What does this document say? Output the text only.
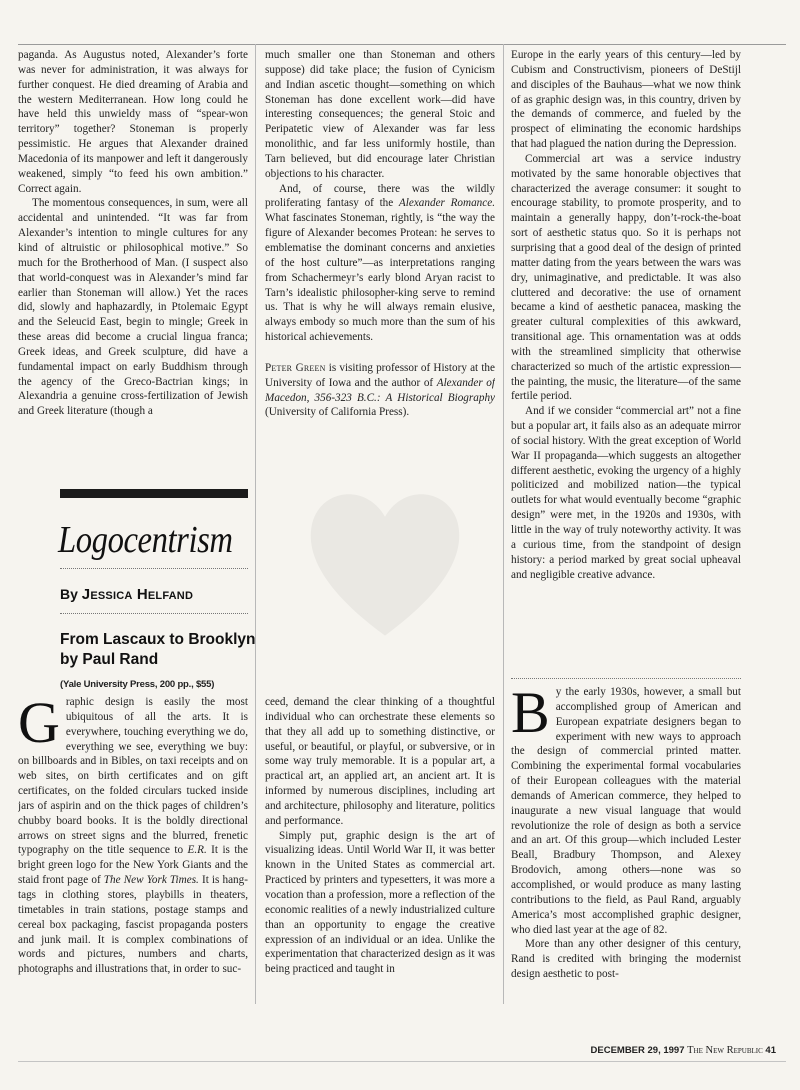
paganda. As Augustus noted, Alexander’s forte was never for administration, it was always for further conquest. He died dreaming of Arabia and the western Mediterranean. How long could he have held this unwieldy mass of “spear-won territory” together? Stoneman is properly pessimistic. He argues that Alexander drained Macedonia of its manpower and left it dangerously weakened, simply “to feed his own ambition.” Correct again.

The momentous consequences, in sum, were all accidental and unintended. “It was far from Alexander’s intention to mingle cultures for any kind of altruistic or philosophical motive.” So much for the Brotherhood of Man. (I suspect also that world-conquest was in Alexander’s mind far earlier than Stoneman will allow.) Yet the races did, slowly and haphazardly, in Ptolemaic Egypt and the Seleucid East, begin to mingle; Greek in these areas did become a crucial lingua franca; Greek ideas, and Greek sculpture, did have a fundamental impact on early Buddhism through the agency of the Greco-Bactrian kings; in Alexandria a genuine cross-fertilization of Jewish and Greek literature (though a

much smaller one than Stoneman and others suppose) did take place; the fusion of Cynicism and Indian ascetic thought—something on which Stoneman has done excellent work—did have interesting consequences; the general Stoic and Peripatetic view of Alexander was far less monolithic, and far less uniformly hostile, than Tarn believed, but did encourage later Christian objections to his character.

And, of course, there was the wildly proliferating fantasy of the Alexander Romance. What fascinates Stoneman, rightly, is “the way the figure of Alexander becomes Protean: he serves to emblematise the dominant concerns and anxieties of the host culture”—as interpretations ranging from Schachermeyr’s early blond Aryan racist to Tarn’s idealistic philosopher-king serve to remind us. That is why he will always remain elusive, always embody so much more than the sum of his historical achievements.

Peter Green is visiting professor of History at the University of Iowa and the author of Alexander of Macedon, 356-323 B.C.: A Historical Biography (University of California Press).

Logocentrism
By Jessica Helfand
From Lascaux to Brooklyn by Paul Rand
(Yale University Press, 200 pp., $55)

Graphic design is easily the most ubiquitous of all the arts. It is everywhere, touching everything we do, everything we see, everything we buy: on billboards and in Bibles, on taxi receipts and on web sites, on birth certificates and on gift certificates, on the folded circulars tucked inside jars of aspirin and on the thick pages of children’s chubby board books. It is the boldly directional arrows on street signs and the blurred, frenetic typography on the title sequence to E.R. It is the bright green logo for the New York Giants and the staid front page of The New York Times. It is hang-tags in clothing stores, playbills in theaters, timetables in train stations, postage stamps and cereal box packaging, fascist propaganda posters and junk mail. It is complex combinations of words and pictures, numbers and charts, photographs and illustrations that, in order to suc-

ceed, demand the clear thinking of a thoughtful individual who can orchestrate these elements so that they all add up to something distinctive, or useful, or beautiful, or playful, or subversive, or in some way truly memorable. It is a popular art, a practical art, an applied art, an ancient art. It is informed by numerous disciplines, including art and architecture, philosophy and literature, politics and performance.

Simply put, graphic design is the art of visualizing ideas. Until World War II, it was better known in the United States as commercial art. Practiced by printers and typesetters, it was more a vocation than a profession, more a reflection of the economic realities of a newly industrialized culture than an opportunity to engage the creative expression of an individual or an idea. Unlike the experimentation that characterized design as it was being practiced and taught in

Europe in the early years of this century—led by Cubism and Constructivism, pioneers of DeStijl and disciples of the Bauhaus—what we now think of as graphic design was, in this country, driven by the demands of commerce, and fueled by the prospect of eliminating the economic hardships that had plagued the nation during the Depression.

Commercial art was a service industry motivated by the same honorable objectives that characterized the average consumer: it sought to encourage stability, to promote prosperity, and to maintain a generally happy, don’t-rock-the-boat sort of aesthetic status quo. So it is perhaps not surprising that a good deal of the design of printed matter dating from the years between the wars was dry, unimaginative, and predictable. It was also cluttered and decorative: the use of ornament became a kind of aesthetic panacea, masking the greater cultural complexities of this awkward, transitional age. This ornamentation was at odds with the streamlined simplicity that otherwise characterized so much of the artistic expression—the painting, the music, the literature—of the same fertile period.

And if we consider “commercial art” not a fine but a popular art, it fails also as an adequate mirror of social history. With the great exception of World War II propaganda—which suggests an altogether different aesthetic, evoking the urgency of a highly politicized and mobilized nation—the typical outlets for what would eventually become “graphic design” were met, in the 1920s and 1930s, with little in the way of truly noteworthy activity. It was a curious time, from the standpoint of design history: a period marked by great social upheaval and negligible creative advance.

By the early 1930s, however, a small but accomplished group of American and European expatriate designers began to experiment with new ways to approach the design of commercial printed matter. Combining the experimental formal vocabularies of their European colleagues with the material demands of American commerce, they helped to inaugurate a new visual language that would revolutionize the role of design as both a service and an art. Of this group—which included Lester Beall, Bradbury Thompson, and Alexey Brodovich, among others—none was so accomplished, or would produce as many lasting contributions to the field, as Paul Rand, arguably America’s most accomplished graphic designer, who died last year at the age of 82.

More than any other designer of this century, Rand is credited with bringing the modernist design aesthetic to post-

DECEMBER 29, 1997 The New Republic 41
